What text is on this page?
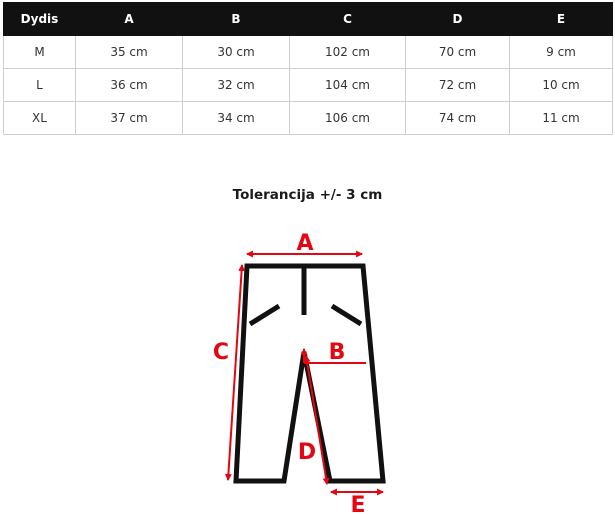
Dydis	A	B	C	D	E
M	35 cm	30 cm	102 cm	70 cm	9 cm
L	36 cm	32 cm	104 cm	72 cm	10 cm
XL	37 cm	34 cm	106 cm	74 cm	11 cm
Tolerancija +/- 3 cm
A
B
C
D
E
